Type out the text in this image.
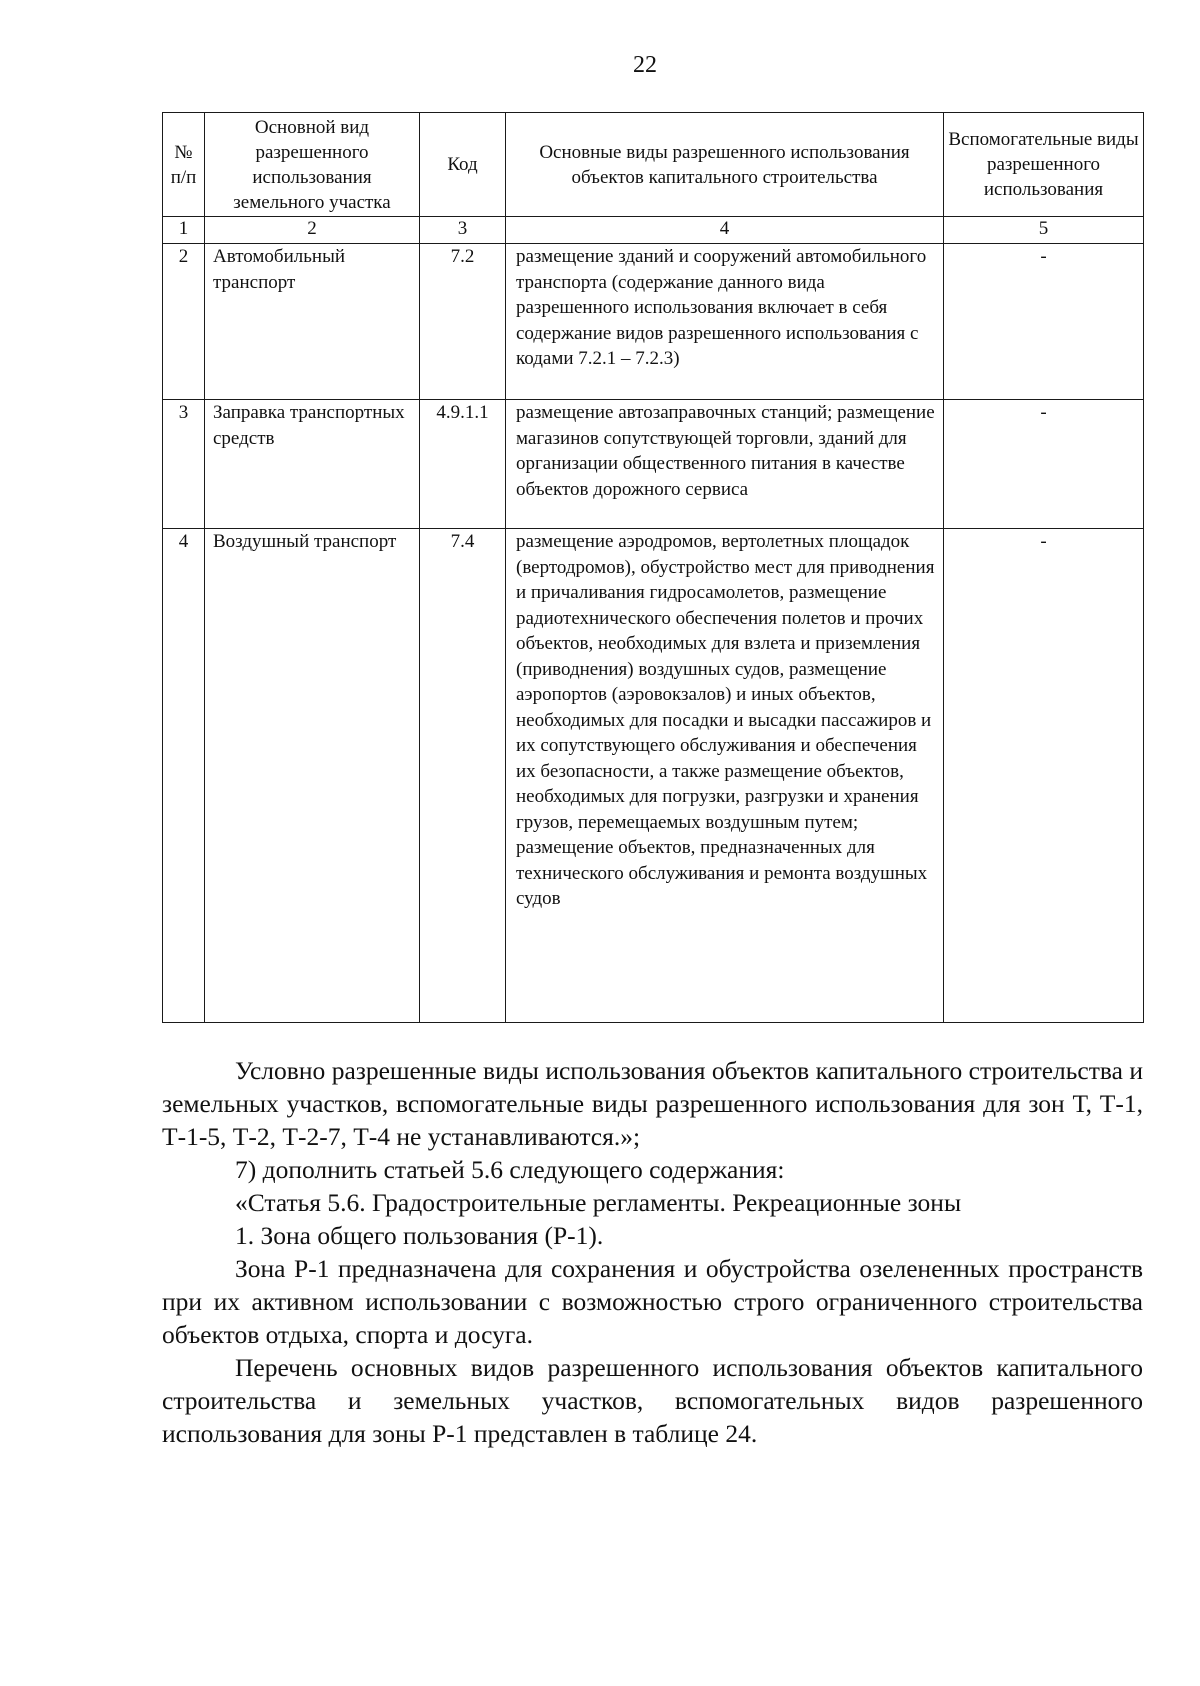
22
№ п/п	Основной вид разрешенного использования земельного участка	Код	Основные виды разрешенного использования объектов капитального строительства	Вспомогательные виды разрешенного использования
1	2	3	4	5
2	Автомобильный транспорт	7.2	размещение зданий и сооружений автомобильного транспорта (содержание данного вида разрешенного использования включает в себя содержание видов разрешенного использования с кодами 7.2.1 – 7.2.3)	-
3	Заправка транспортных средств	4.9.1.1	размещение автозаправочных станций; размещение магазинов сопутствующей торговли, зданий для организации общественного питания в качестве объектов дорожного сервиса	-
4	Воздушный транспорт	7.4	размещение аэродромов, вертолетных площадок (вертодромов), обустройство мест для приводнения и причаливания гидросамолетов, размещение радиотехнического обеспечения полетов и прочих объектов, необходимых для взлета и приземления (приводнения) воздушных судов, размещение аэропортов (аэровокзалов) и иных объектов, необходимых для посадки и высадки пассажиров и их сопутствующего обслуживания и обеспечения их безопасности, а также размещение объектов, необходимых для погрузки, разгрузки и хранения грузов, перемещаемых воздушным путем; размещение объектов, предназначенных для технического обслуживания и ремонта воздушных судов	-

Условно разрешенные виды использования объектов капитального строительства и земельных участков, вспомогательные виды разрешенного использования для зон Т, Т-1, Т-1-5, Т-2, Т-2-7, Т-4 не устанавливаются.»;

7) дополнить статьей 5.6 следующего содержания:

«Статья 5.6. Градостроительные регламенты. Рекреационные зоны

1. Зона общего пользования (Р-1).

Зона Р-1 предназначена для сохранения и обустройства озелененных пространств при их активном использовании с возможностью строго ограниченного строительства объектов отдыха, спорта и досуга.

Перечень основных видов разрешенного использования объектов капитального строительства и земельных участков, вспомогательных видов разрешенного использования для зоны Р-1 представлен в таблице 24.
